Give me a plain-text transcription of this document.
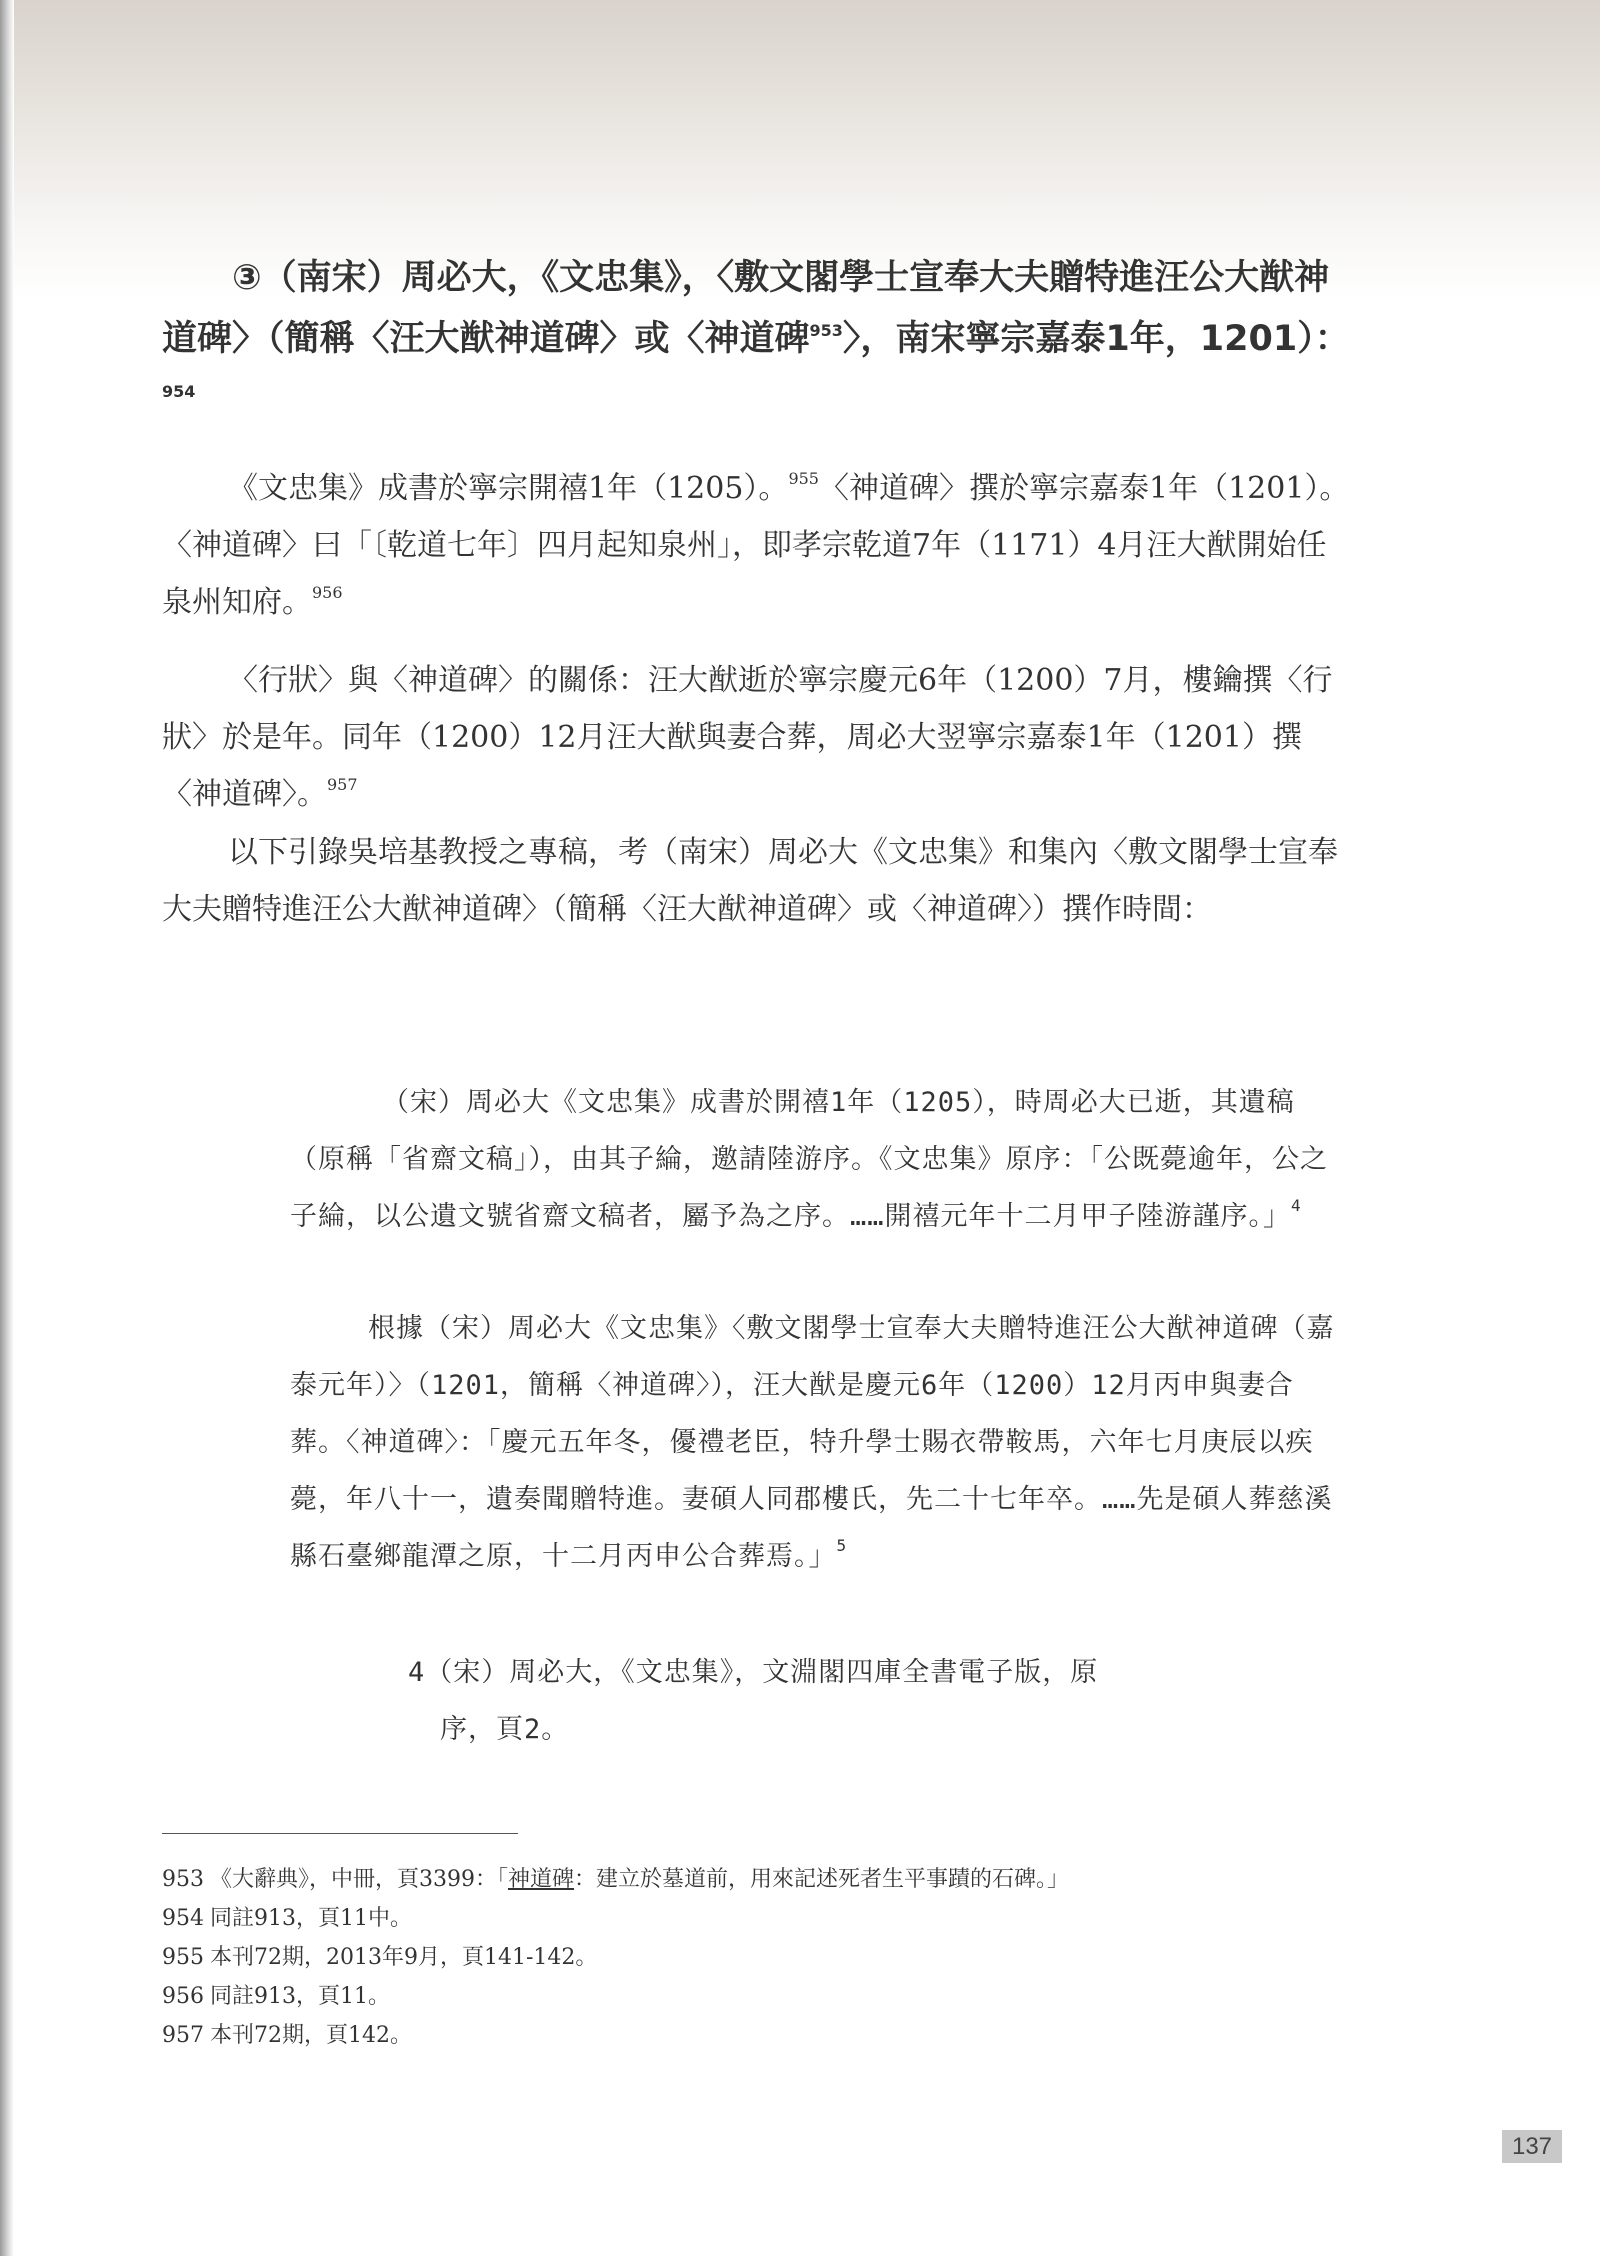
③（南宋）周必大，《文忠集》，〈敷文閣學士宣奉大夫贈特進汪公大猷神道碑〉（簡稱〈汪大猷神道碑〉或〈神道碑$^{953}$〉，南宋寧宗嘉泰1年，1201）：$^{954}$
《文忠集》成書於寧宗開禧1年（1205）。$^{955}$〈神道碑〉撰於寧宗嘉泰1年（1201）。〈神道碑〉曰「〔乾道七年〕四月起知泉州」，即孝宗乾道7年（1171）4月汪大猷開始任泉州知府。$^{956}$
〈行狀〉與〈神道碑〉的關係：汪大猷逝於寧宗慶元6年（1200）7月，樓鑰撰〈行狀〉於是年。同年（1200）12月汪大猷與妻合葬，周必大翌寧宗嘉泰1年（1201）撰〈神道碑〉。$^{957}$
以下引錄吳培基教授之專稿，考（南宋）周必大《文忠集》和集內〈敷文閣學士宣奉大夫贈特進汪公大猷神道碑〉（簡稱〈汪大猷神道碑〉或〈神道碑〉）撰作時間：
（宋）周必大《文忠集》成書於開禧1年（1205），時周必大已逝，其遺稿（原稱「省齋文稿」），由其子綸，邀請陸游序。《文忠集》原序：「公既薨逾年，公之子綸，以公遺文號省齋文稿者，屬予為之序。……開禧元年十二月甲子陸游謹序。」$^4$
根據（宋）周必大《文忠集》〈敷文閣學士宣奉大夫贈特進汪公大猷神道碑（嘉泰元年）〉（1201，簡稱〈神道碑〉），汪大猷是慶元6年（1200）12月丙申與妻合葬。〈神道碑〉：「慶元五年冬，優禮老臣，特升學士賜衣帶鞍馬，六年七月庚辰以疾薨，年八十一，遺奏聞贈特進。妻碩人同郡樓氏，先二十七年卒。……先是碩人葬慈溪縣石臺鄉龍潭之原，十二月丙申公合葬焉。」$^5$
4（宋）周必大，《文忠集》，文淵閣四庫全書電子版，原
序，頁2。
953 《大辭典》，中冊，頁3399：「神道碑：建立於墓道前，用來記述死者生平事蹟的石碑。」
954 同註913，頁11中。
955 本刊72期，2013年9月，頁141-142。
956 同註913，頁11。
957 本刊72期，頁142。
137
